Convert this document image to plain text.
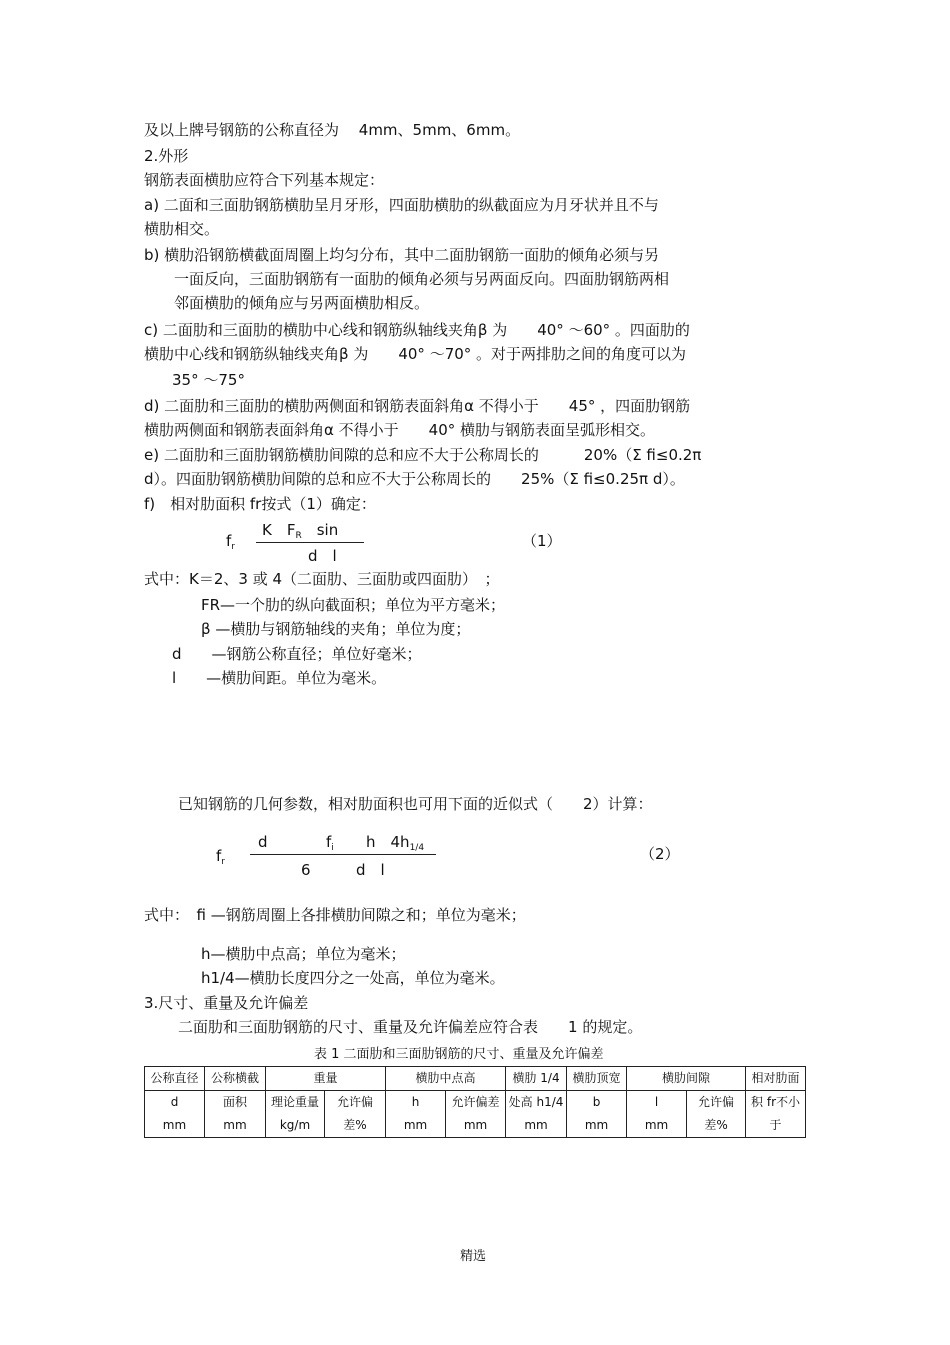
及以上牌号钢筋的公称直径为　 4mm、5mm、6mm。
2.外形
钢筋表面横肋应符合下列基本规定：
a) 二面和三面肋钢筋横肋呈月牙形，四面肋横肋的纵截面应为月牙状并且不与
横肋相交。
b) 横肋沿钢筋横截面周圈上均匀分布，其中二面肋钢筋一面肋的倾角必须与另
一面反向，三面肋钢筋有一面肋的倾角必须与另两面反向。四面肋钢筋两相
邻面横肋的倾角应与另两面横肋相反。
c) 二面肋和三面肋的横肋中心线和钢筋纵轴线夹角β 为　　40° ～60° 。四面肋的
横肋中心线和钢筋纵轴线夹角β 为　　40° ～70° 。对于两排肋之间的角度可以为
35° ～75°
d) 二面肋和三面肋的横肋两侧面和钢筋表面斜角α 不得小于　　45° ，四面肋钢筋
横肋两侧面和钢筋表面斜角α 不得小于　　40° 横肋与钢筋表面呈弧形相交。
e) 二面肋和三面肋钢筋横肋间隙的总和应不大于公称周长的　　　20%（Σ fi≤0.2π
d）。四面肋钢筋横肋间隙的总和应不大于公称周长的　　25%（Σ fi≤0.25π d）。
f)　相对肋面积 fr按式（1）确定：
$f_r$
K　$F_R$　sin
d　l
（1）
式中：K＝2、3 或 4（二面肋、三面肋或四面肋）　；
FR—一个肋的纵向截面积；单位为平方毫米；
β —横肋与钢筋轴线的夹角；单位为度；
d　　—钢筋公称直径；单位好毫米；
l　　—横肋间距。单位为毫米。
已知钢筋的几何参数，相对肋面积也可用下面的近似式（　　2）计算：
$f_r$
d	$f_i$ h　$4h_{1/4}$
6	d　l
（2）
式中：　fi —钢筋周圈上各排横肋间隙之和；单位为毫米；
h—横肋中点高；单位为毫米；
h1/4—横肋长度四分之一处高，单位为毫米。
3.尺寸、重量及允许偏差
二面肋和三面肋钢筋的尺寸、重量及允许偏差应符合表　　1 的规定。
表 1 二面肋和三面肋钢筋的尺寸、重量及允许偏差
公称直径	公称横截	重量		横肋中点高		横肋 1/4	横肋顶宽	横肋间隙		相对肋面
d	面积	理论重量	允许偏	h	允许偏差	处高 h1/4	b	l	允许偏	积 fr不小
mm	mm	kg/m	差%	mm	mm	mm	mm	mm	差%	于
精选
